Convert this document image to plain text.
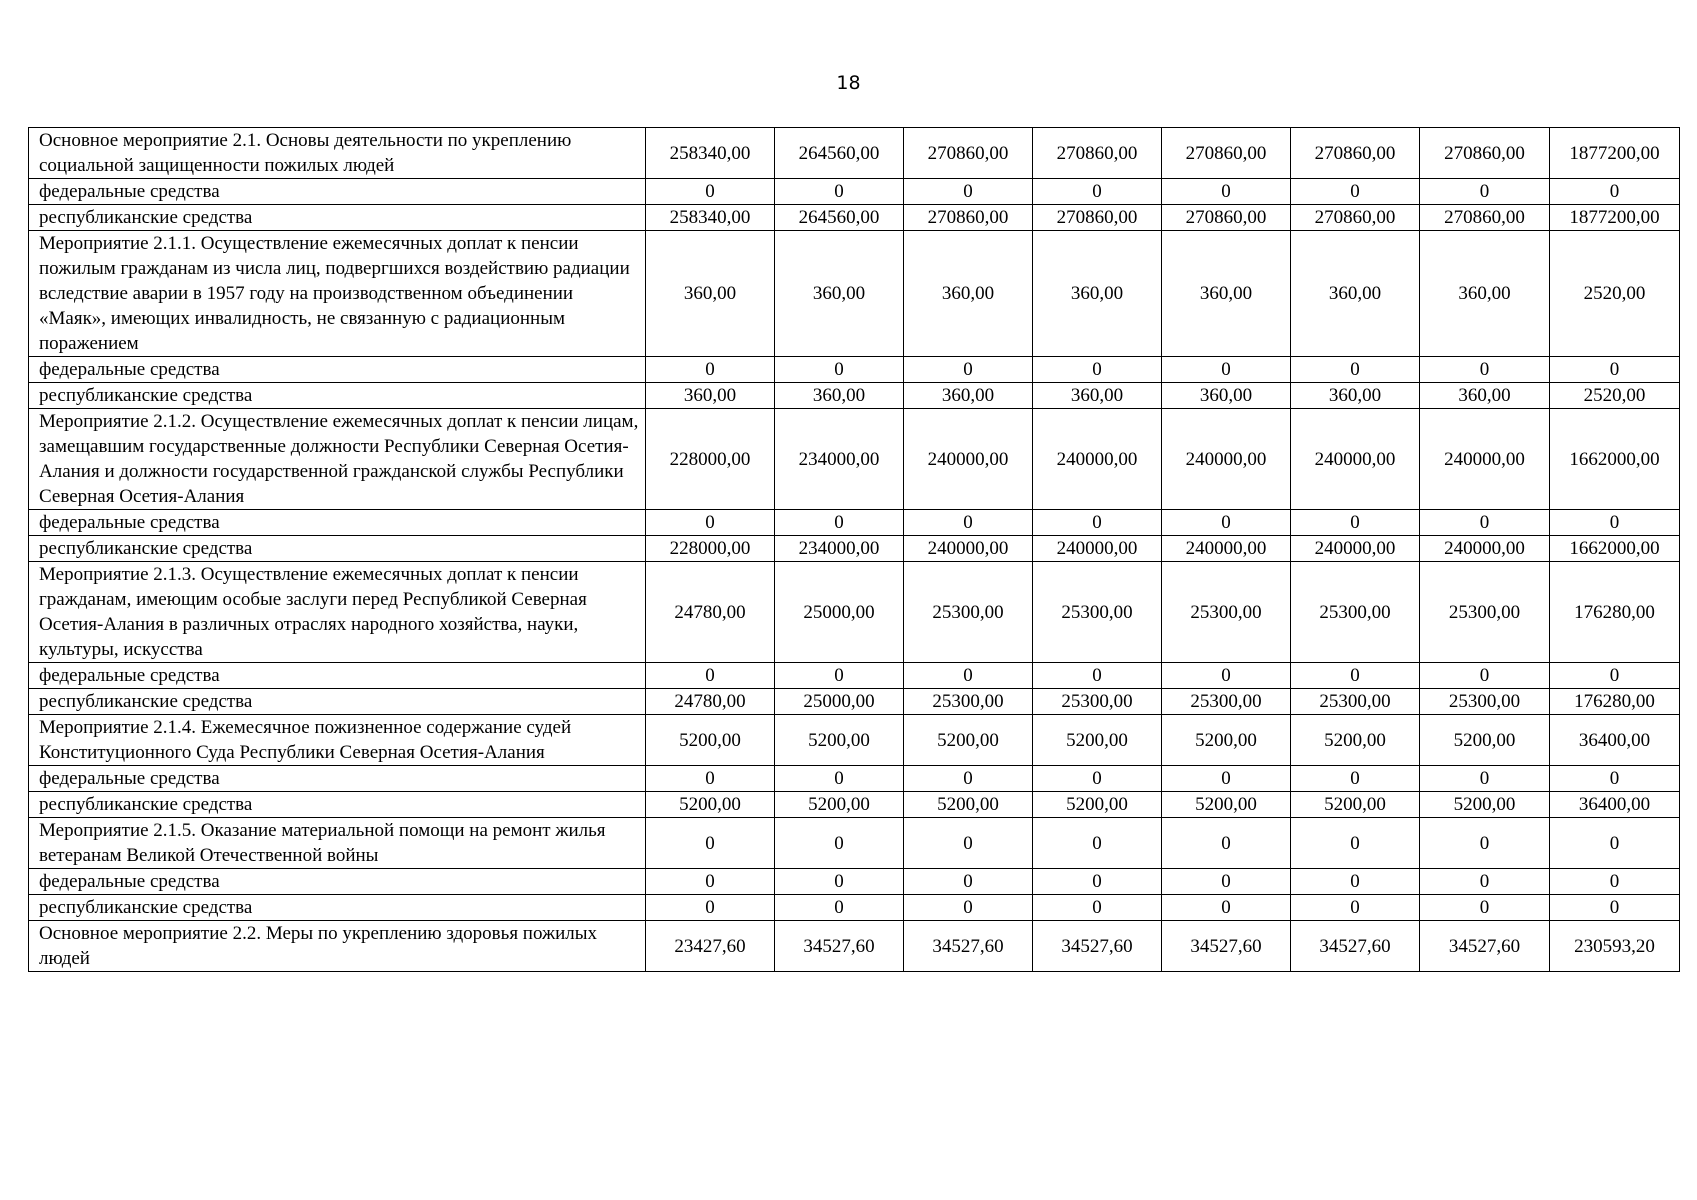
18
Основное мероприятие 2.1. Основы деятельности по укреплению социальной защищенности пожилых людей	258340,00	264560,00	270860,00	270860,00	270860,00	270860,00	270860,00	1877200,00
федеральные средства	0	0	0	0	0	0	0	0
республиканские средства	258340,00	264560,00	270860,00	270860,00	270860,00	270860,00	270860,00	1877200,00
Мероприятие 2.1.1. Осуществление ежемесячных доплат к пенсии пожилым гражданам из числа лиц, подвергшихся воздействию радиации вследствие аварии в 1957 году на производственном объединении «Маяк», имеющих инвалидность, не связанную с радиационным поражением	360,00	360,00	360,00	360,00	360,00	360,00	360,00	2520,00
федеральные средства	0	0	0	0	0	0	0	0
республиканские средства	360,00	360,00	360,00	360,00	360,00	360,00	360,00	2520,00
Мероприятие 2.1.2. Осуществление ежемесячных доплат к пенсии лицам, замещавшим государственные должности Республики Северная Осетия-Алания и должности государственной гражданской службы Республики Северная Осетия-Алания	228000,00	234000,00	240000,00	240000,00	240000,00	240000,00	240000,00	1662000,00
федеральные средства	0	0	0	0	0	0	0	0
республиканские средства	228000,00	234000,00	240000,00	240000,00	240000,00	240000,00	240000,00	1662000,00
Мероприятие 2.1.3. Осуществление ежемесячных доплат к пенсии гражданам, имеющим особые заслуги перед Республикой Северная Осетия-Алания в различных отраслях народного хозяйства, науки, культуры, искусства	24780,00	25000,00	25300,00	25300,00	25300,00	25300,00	25300,00	176280,00
федеральные средства	0	0	0	0	0	0	0	0
республиканские средства	24780,00	25000,00	25300,00	25300,00	25300,00	25300,00	25300,00	176280,00
Мероприятие 2.1.4. Ежемесячное пожизненное содержание судей Конституционного Суда Республики Северная Осетия-Алания	5200,00	5200,00	5200,00	5200,00	5200,00	5200,00	5200,00	36400,00
федеральные средства	0	0	0	0	0	0	0	0
республиканские средства	5200,00	5200,00	5200,00	5200,00	5200,00	5200,00	5200,00	36400,00
Мероприятие 2.1.5. Оказание материальной помощи на ремонт жилья ветеранам Великой Отечественной войны	0	0	0	0	0	0	0	0
федеральные средства	0	0	0	0	0	0	0	0
республиканские средства	0	0	0	0	0	0	0	0
Основное мероприятие 2.2. Меры по укреплению здоровья пожилых людей	23427,60	34527,60	34527,60	34527,60	34527,60	34527,60	34527,60	230593,20
